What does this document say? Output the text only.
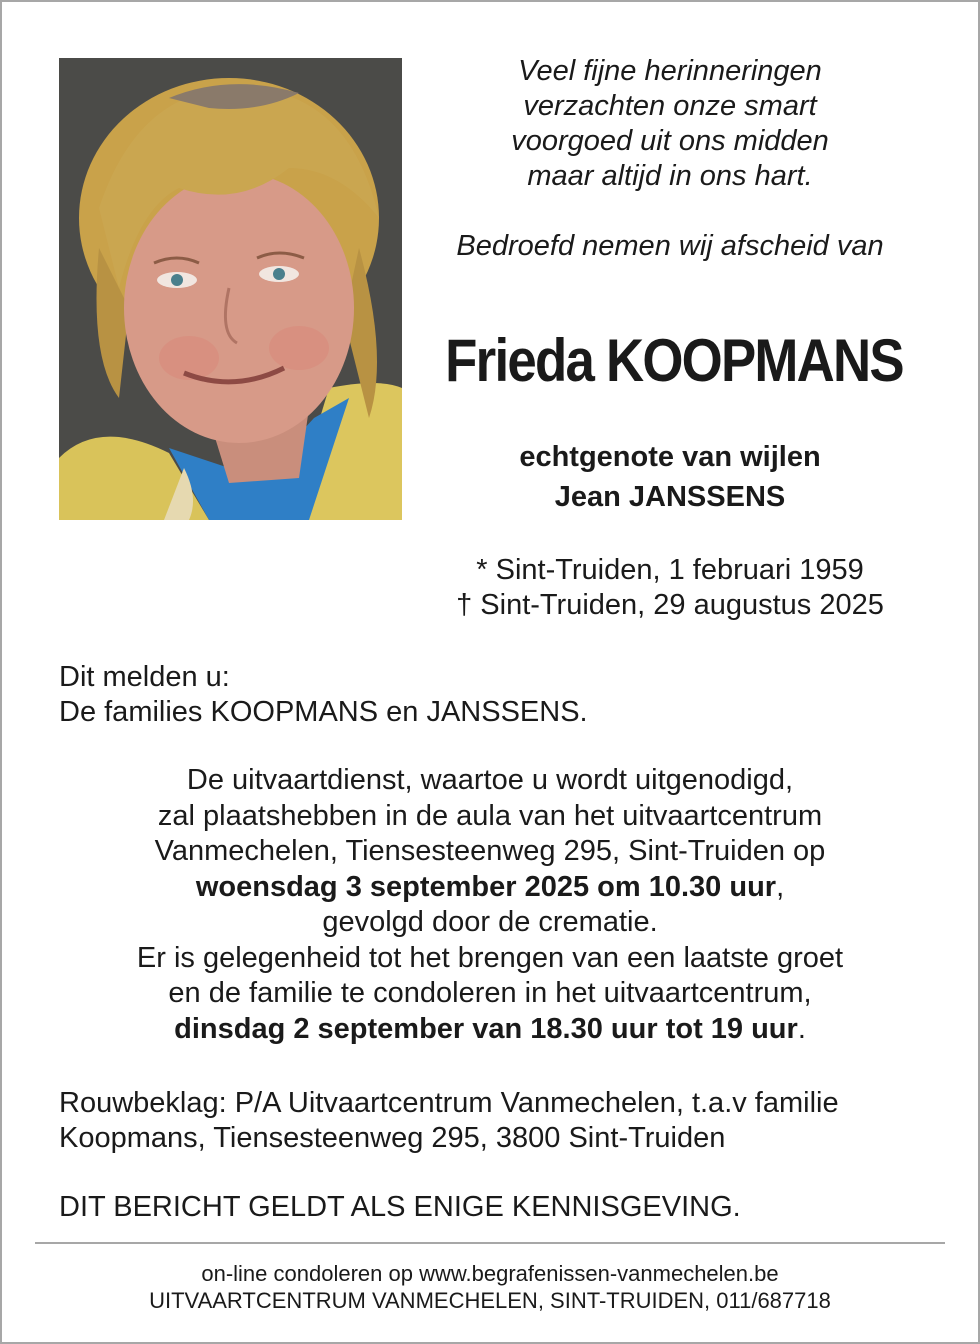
Veel fijne herinneringen
verzachten onze smart
voorgoed uit ons midden
maar altijd in ons hart.
Bedroefd nemen wij afscheid van
Frieda KOOPMANS
echtgenote van wijlen
Jean JANSSENS
* Sint-Truiden, 1 februari 1959
† Sint-Truiden, 29 augustus 2025
Dit melden u:
De families KOOPMANS en JANSSENS.
De uitvaartdienst, waartoe u wordt uitgenodigd,
zal plaatshebben in de aula van het uitvaartcentrum
Vanmechelen, Tiensesteenweg 295, Sint-Truiden op
woensdag 3 september 2025 om 10.30 uur,
gevolgd door de crematie.
Er is gelegenheid tot het brengen van een laatste groet
en de familie te condoleren in het uitvaartcentrum,
dinsdag 2 september van 18.30 uur tot 19 uur.
Rouwbeklag: P/A Uitvaartcentrum Vanmechelen, t.a.v familie
Koopmans, Tiensesteenweg 295, 3800 Sint-Truiden
DIT BERICHT GELDT ALS ENIGE KENNISGEVING.
on-line condoleren op www.begrafenissen-vanmechelen.be
UITVAARTCENTRUM VANMECHELEN, SINT-TRUIDEN, 011/687718
